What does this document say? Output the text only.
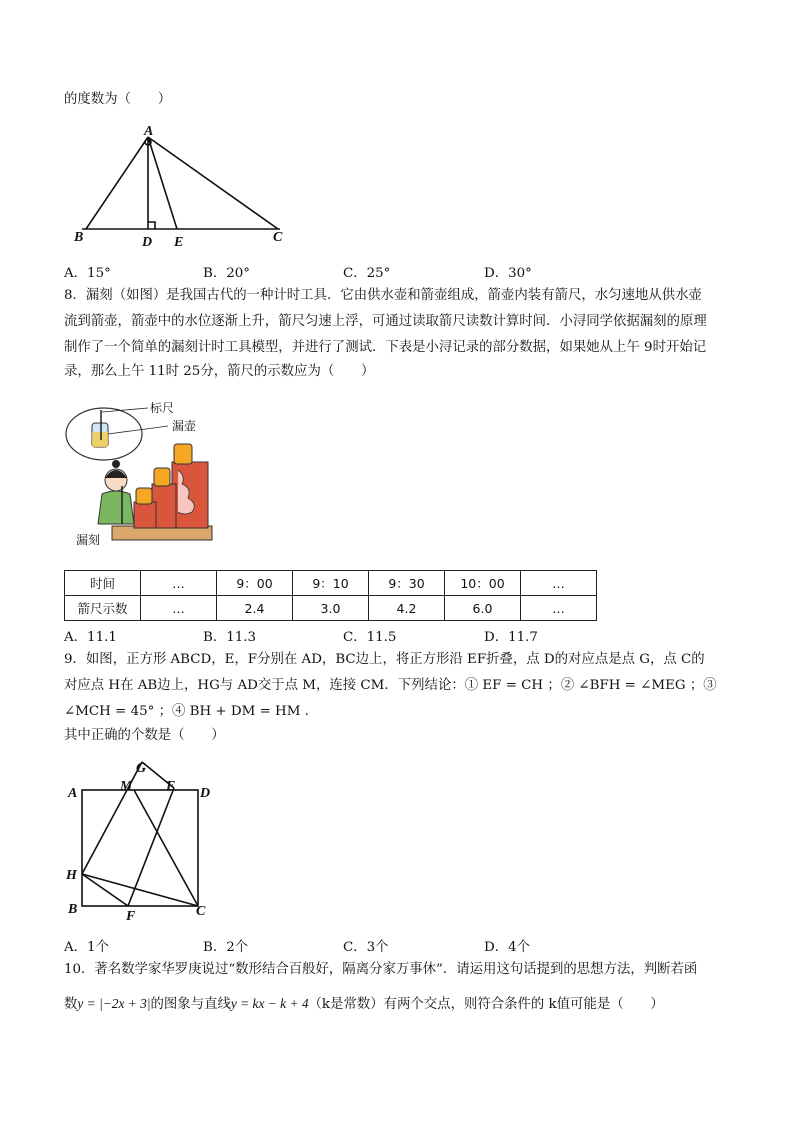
的度数为（　　）
A
B	D E	C
A．15°	B．20°	C．25°	D．30°
8．漏刻（如图）是我国古代的一种计时工具．它由供水壶和箭壶组成，箭壶内装有箭尺，水匀速地从供水壶
流到箭壶，箭壶中的水位逐渐上升，箭尺匀速上浮，可通过读取箭尺读数计算时间．小浔同学依据漏刻的原理
制作了一个简单的漏刻计时工具模型，并进行了测试．下表是小浔记录的部分数据，如果她从上午 9时开始记
录，那么上午 11时 25分，箭尺的示数应为（　　）
标尺
漏壶
漏刻
时间	…	9：00	9：10	9：30	10：00	…
箭尺示数	…	2.4	3.0	4.2	6.0	…
A．11.1	B．11.3	C．11.5	D．11.7
9．如图，正方形 ABCD，E，F分别在 AD，BC边上，将正方形沿 EF折叠，点 D的对应点是点 G，点 C的
对应点 H在 AB边上，HG与 AD交于点 M，连接 CM．下列结论：① EF = CH ；② ∠BFH = ∠MEG ；③
∠MCH = 45° ；④ BH + DM = HM ．
其中正确的个数是（　　）
G
M E
A	D
H
B	F	C
A．1个	B．2个	C．3个	D．4个
10．著名数学家华罗庚说过“数形结合百般好，隔离分家万事休”．请运用这句话提到的思想方法，判断若函
数y = |−2x + 3|的图象与直线y = kx − k + 4（k是常数）有两个交点，则符合条件的 k值可能是（　　）
